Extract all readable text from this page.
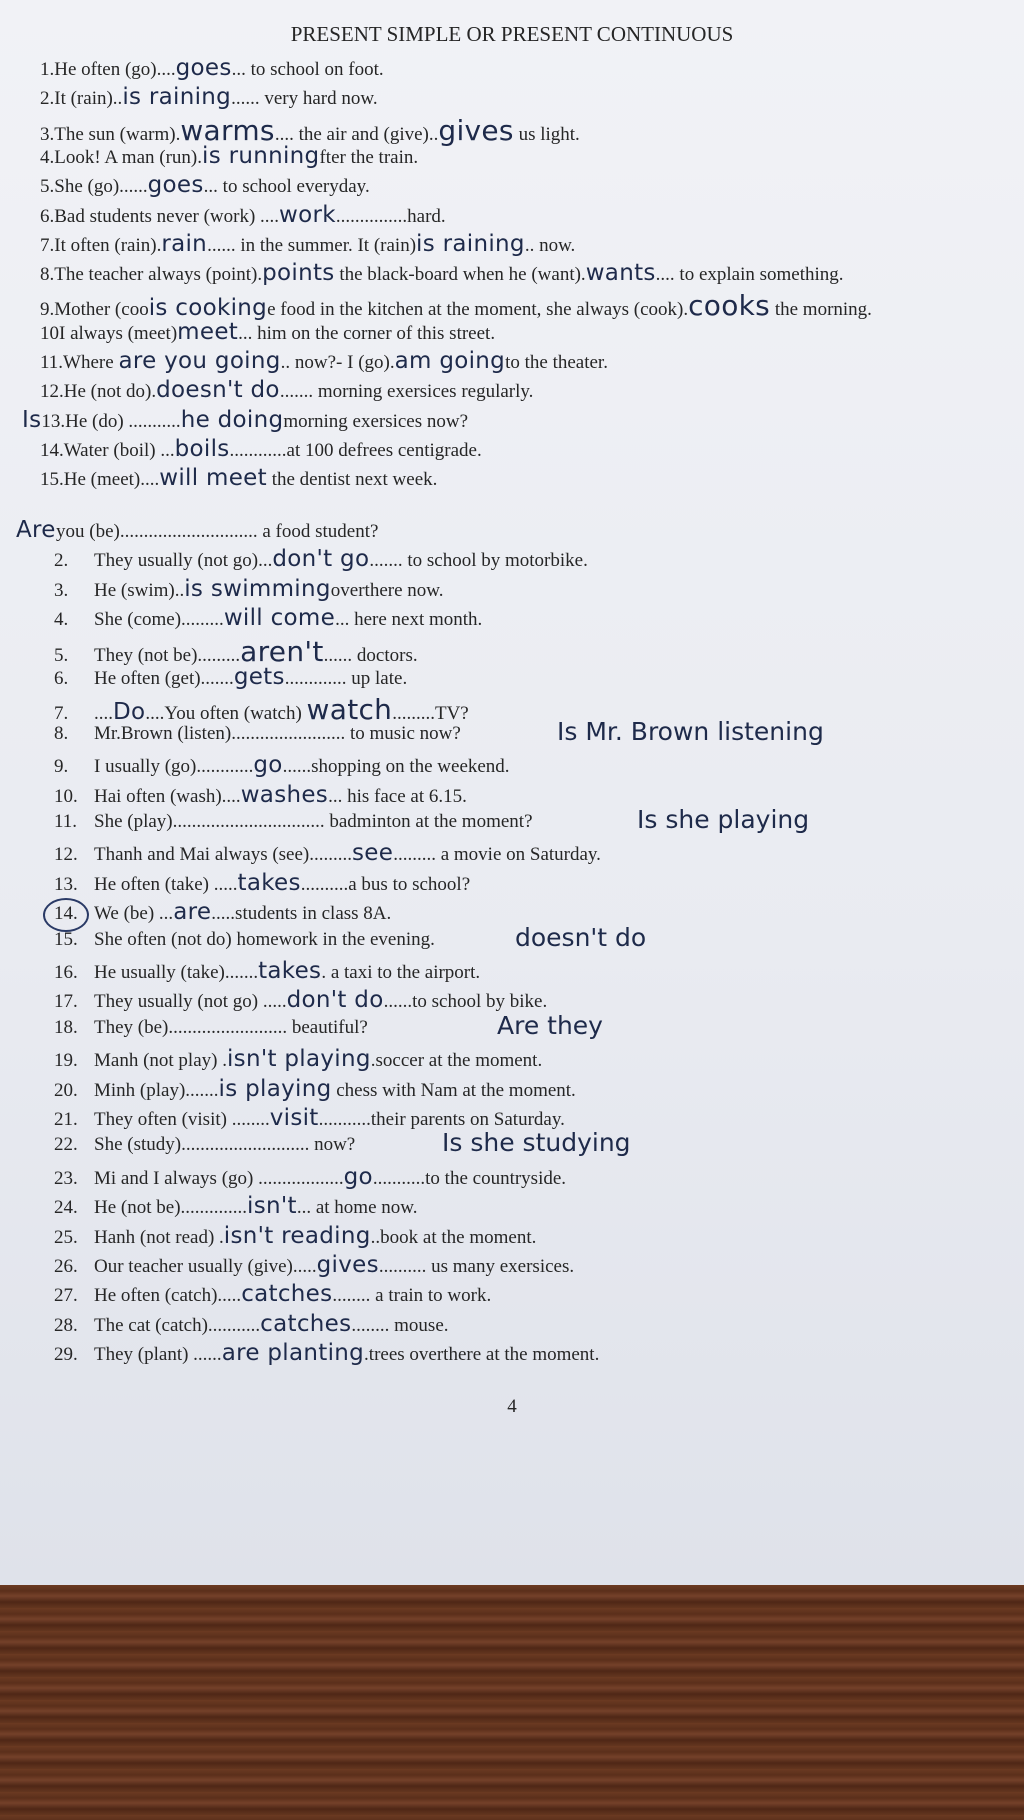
PRESENT SIMPLE OR PRESENT CONTINUOUS
1.He often (go)....goes... to school on foot.
2.It (rain)..is raining...... very hard now.
3.The sun (warm).warms.... the air and (give)..gives us light.
4.Look! A man (run).is runningfter the train.
5.She (go)......goes... to school everyday.
6.Bad students never (work) ....work...............hard.
7.It often (rain).rain...... in the summer. It (rain)is raining.. now.
8.The teacher always (point).points the black-board when he (want).wants.... to explain something.
9.Mother (coois cookinge food in the kitchen at the moment, she always (cook).cooks the morning.
10I always (meet)meet... him on the corner of this street.
11.Where are you going.. now?- I (go).am goingto the theater.
12.He (not do).doesn't do....... morning exersices regularly.
Is13.He (do) ...........he doingmorning exersices now?
14.Water (boil) ...boils............at 100 defrees centigrade.
15.He (meet)....will meet the dentist next week.
Areyou (be)............................. a food student?
2. They usually (not go)...don't go....... to school by motorbike.
3. He (swim)..is swimmingoverthere now.
4. She (come).........will come... here next month.
5. They (not be).........aren't...... doctors.
6. He often (get).......gets............. up late.
7. ....Do....You often (watch) watch.........TV?
8. Mr.Brown (listen)........................ to music now?	Is Mr. Brown listening
9. I usually (go)............go......shopping on the weekend.
10. Hai often (wash)....washes... his face at 6.15.
11. She (play)................................ badminton at the moment?	Is she playing
12. Thanh and Mai always (see).........see......... a movie on Saturday.
13. He often (take) .....takes..........a bus to school?
14. We (be) ...are.....students in class 8A.
15. She often (not do) homework in the evening.	doesn't do
16. He usually (take).......takes. a taxi to the airport.
17. They usually (not go) .....don't do......to school by bike.
18. They (be)......................... beautiful?	Are they
19. Manh (not play) .isn't playing.soccer at the moment.
20. Minh (play).......is playing chess with Nam at the moment.
21. They often (visit) ........visit...........their parents on Saturday.
22. She (study)........................... now?	Is she studying
23. Mi and I always (go) ..................go...........to the countryside.
24. He (not be)..............isn't... at home now.
25. Hanh (not read) .isn't reading..book at the moment.
26. Our teacher usually (give).....gives.......... us many exersices.
27. He often (catch).....catches........ a train to work.
28. The cat (catch)...........catches........ mouse.
29. They (plant) ......are planting.trees overthere at the moment.
4
